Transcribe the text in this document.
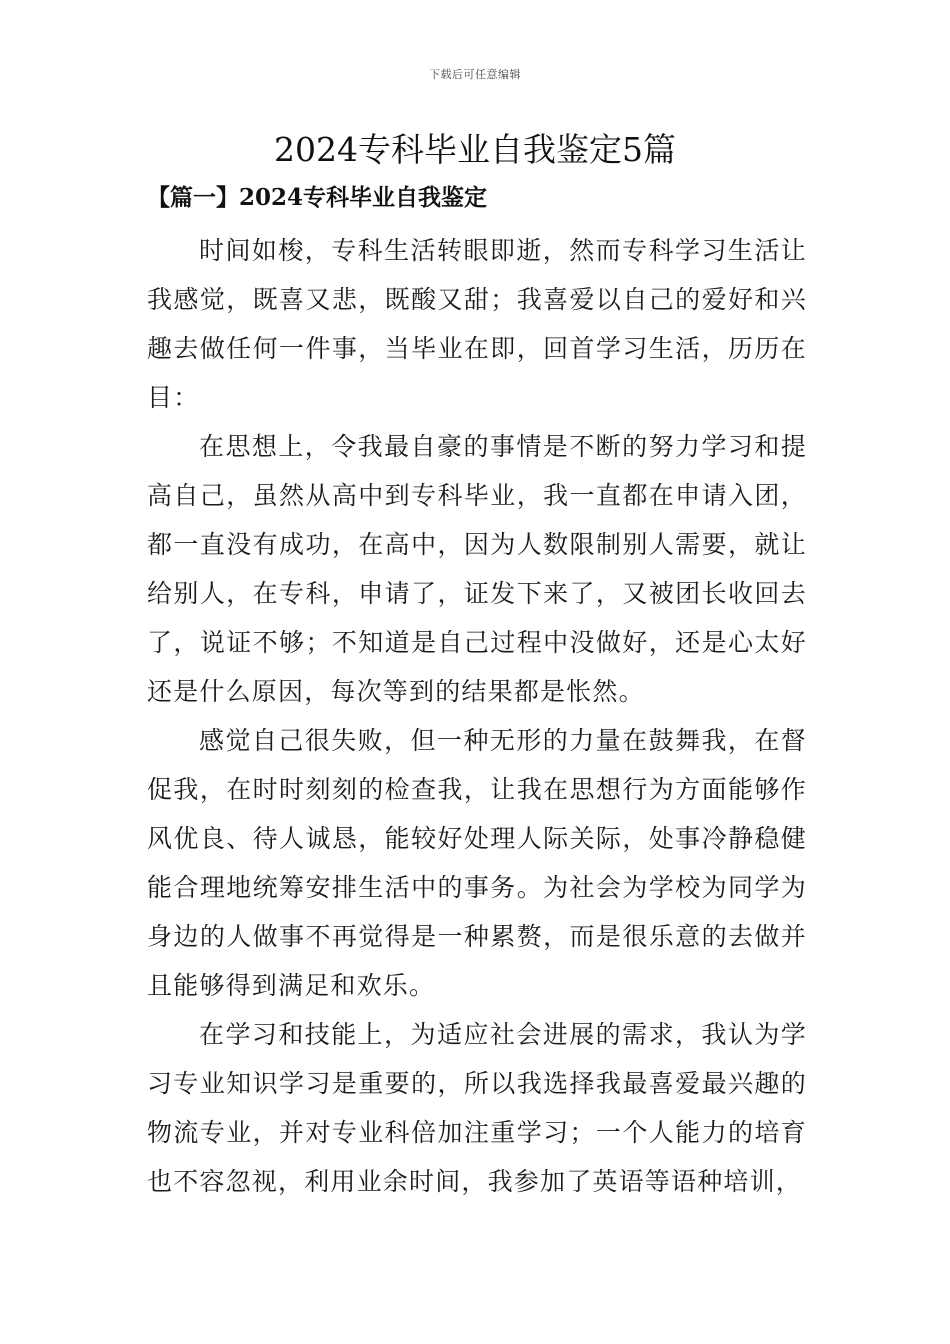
下载后可任意编辑
2024专科毕业自我鉴定5篇
【篇一】2024专科毕业自我鉴定

时间如梭，专科生活转眼即逝，然而专科学习生活让我感觉，既喜又悲，既酸又甜；我喜爱以自己的爱好和兴趣去做任何一件事，当毕业在即，回首学习生活，历历在目：

在思想上，令我最自豪的事情是不断的努力学习和提高自己，虽然从高中到专科毕业，我一直都在申请入团，都一直没有成功，在高中，因为人数限制别人需要，就让给别人，在专科，申请了，证发下来了，又被团长收回去了，说证不够；不知道是自己过程中没做好，还是心太好还是什么原因，每次等到的结果都是怅然。

感觉自己很失败，但一种无形的力量在鼓舞我，在督促我，在时时刻刻的检查我，让我在思想行为方面能够作风优良、待人诚恳，能较好处理人际关际，处事冷静稳健能合理地统筹安排生活中的事务。为社会为学校为同学为身边的人做事不再觉得是一种累赘，而是很乐意的去做并且能够得到满足和欢乐。

在学习和技能上，为适应社会进展的需求，我认为学习专业知识学习是重要的，所以我选择我最喜爱最兴趣的物流专业，并对专业科倍加注重学习；一个人能力的培育也不容忽视，利用业余时间，我参加了英语等语种培训，
